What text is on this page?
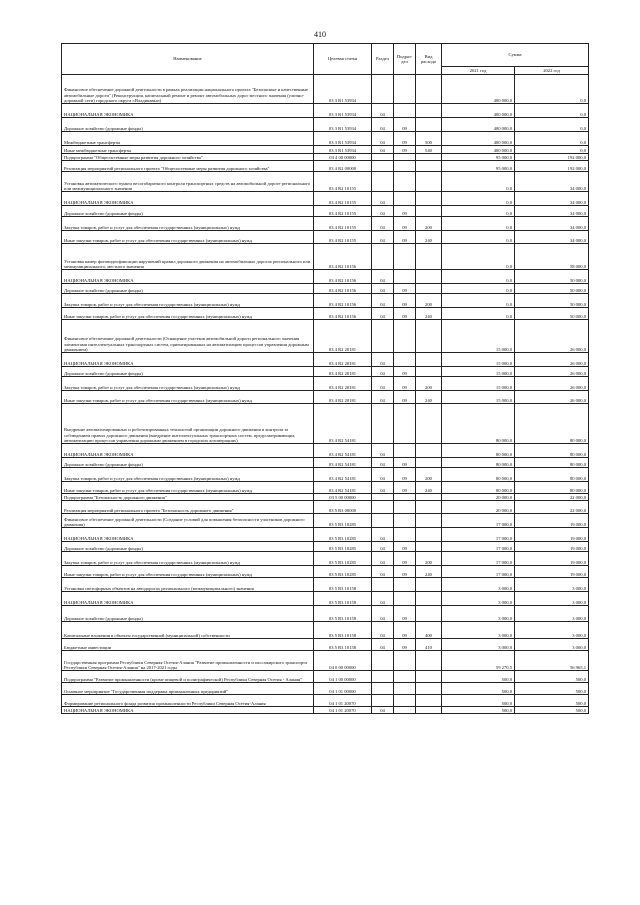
410
Наименование	Целевая статья	Раздел	Подраз-дел	Вид расхода	Сумма	
					2021 год	2022 год
Финансовое обеспечение дорожной деятельности в рамках реализации национального проекта "Безопасные и качественные автомобильные дороги" (Реконструкция, капитальный ремонт и ремонт автомобильных дорог местного значения (улично-дорожной сети) городского округа г.Владикавказ)	03 3 R1 53934				400 000,0	0,0
НАЦИОНАЛЬНАЯ ЭКОНОМИКА	03 3 R1 53934	04			400 000,0	0,0
Дорожное хозяйство (дорожные фонды)	03 3 R1 53934	04	09		400 000,0	0,0
Межбюджетные трансферты	03 3 R1 53934	04	09	500	400 000,0	0,0
Иные межбюджетные трансферты	03 3 R1 53934	04	09	540	400 000,0	0,0
Подпрограмма "Общесистемные меры развития дорожного хозяйства"	03 4 00 00000				95 000,0	192 000,0
Реализация мероприятий регионального проекта "Общесистемные меры развития дорожного хозяйства"	03 4 R2 00000				95 000,0	192 000,0
Установка автоматического пункта весогабаритного контроля транспортных средств на автомобильной дороге регионального или межмуниципального значения	03 4 R2 10155				0,0	34 000,0
НАЦИОНАЛЬНАЯ ЭКОНОМИКА	03 4 R2 10155	04			0,0	34 000,0
Дорожное хозяйство (дорожные фонды)	03 4 R2 10155	04	09		0,0	34 000,0
Закупка товаров, работ и услуг для обеспечения государственных (муниципальных) нужд	03 4 R2 10155	04	09	200	0,0	34 000,0
Иные закупки товаров, работ и услуг для обеспечения государственных (муниципальных) нужд	03 4 R2 10155	04	09	240	0,0	34 000,0
Установка камер фотовидеофиксации нарушений правил дорожного движения на автомобильных дорогах регионального или межмуниципального, местного значения	03 4 R2 10156				0,0	58 000,0
НАЦИОНАЛЬНАЯ ЭКОНОМИКА	03 4 R2 10156	04			0,0	50 000,0
Дорожное хозяйство (дорожные фонды)	03 4 R2 10156	04	09		0,0	50 000,0
Закупка товаров, работ и услуг для обеспечения государственных (муниципальных) нужд	03 4 R2 10156	04	09	200	0,0	50 000,0
Иные закупки товаров, работ и услуг для обеспечения государственных (муниципальных) нужд	03 4 R2 10156	04	09	240	0,0	50 000,0
Финансовое обеспечение дорожной деятельности (Оснащение участков автомобильной дороги регионального значения элементами интеллектуальных транспортных систем, ориентированных на автоматизацию процессов управления дорожным движением)	03 4 R2 20181				15 000,0	26 000,0
НАЦИОНАЛЬНАЯ ЭКОНОМИКА	03 4 R2 20181	04			15 000,0	26 000,0
Дорожное хозяйство (дорожные фонды)	03 4 R2 20181	04	09		15 000,0	26 000,0
Закупка товаров, работ и услуг для обеспечения государственных (муниципальных) нужд	03 4 R2 20181	04	09	200	15 000,0	26 000,0
Иные закупки товаров, работ и услуг для обеспечения государственных (муниципальных) нужд	03 4 R2 20181	04	09	240	15 000,0	26 000,0
Внедрение автоматизированных и роботизированных технологий организации дорожного движения и контроля за соблюдением правил дорожного движения (внедрение интеллектуальных транспортных систем, предусматривающих автоматизацию процессов управления дорожным движением в городских агломерациях)	03 4 R2 54181				80 000,0	80 000,0
НАЦИОНАЛЬНАЯ ЭКОНОМИКА	03 4 R2 54181	04			80 000,0	80 000,0
Дорожное хозяйство (дорожные фонды)	03 4 R2 54181	04	09		80 000,0	80 000,0
Закупка товаров, работ и услуг для обеспечения государственных (муниципальных) нужд	03 4 R2 54181	04	09	200	80 000,0	80 000,0
Иные закупки товаров, работ и услуг для обеспечения государственных (муниципальных) нужд	03 4 R2 54181	04	09	240	80 000,0	80 000,0
Подпрограмма "Безопасность дорожного движения"	03 5 00 00000				20 000,0	22 000,0
Реализация мероприятий регионального проекта "Безопасность дорожного движения"	03 5 R3 00000				20 000,0	22 000,0
Финансовое обеспечение дорожной деятельности (Создание условий для повышения безопасности участников дорожного движения)	03 5 R3 10285				17 000,0	19 000,0
НАЦИОНАЛЬНАЯ ЭКОНОМИКА	03 5 R3 10285	04			17 000,0	19 000,0
Дорожное хозяйство (дорожные фонды)	03 5 R3 10285	04	09		17 000,0	19 000,0
Закупка товаров, работ и услуг для обеспечения государственных (муниципальных) нужд	03 5 R3 10285	04	09	200	17 000,0	19 000,0
Иные закупки товаров, работ и услуг для обеспечения государственных (муниципальных) нужд	03 5 R3 10285	04	09	240	17 000,0	19 000,0
Установка светофорных объектов на автодорогах регионального (межмуниципального) значения	03 5 R3 10158				3 000,0	3 000,0
НАЦИОНАЛЬНАЯ ЭКОНОМИКА	03 5 R3 10158	04			3 000,0	3 000,0
Дорожное хозяйство (дорожные фонды)	03 5 R3 10158	04	09		3 000,0	3 000,0
Капитальные вложения в объекты государственной (муниципальной) собственности	03 5 R3 10158	04	09	400	3 000,0	3 000,0
Бюджетные инвестиции	03 5 R3 10158	04	09	410	3 000,0	3 000,0
Государственная программа Республики Северная Осетия-Алания "Развитие промышленности и пассажирского транспорта Республики Северная Осетия-Алания" на 2017-2021 годы	04 0 00 00000				59 270,5	56 965,1
Подпрограмма "Развитие промышленности (кроме пищевой и полиграфической) Республики Северная Осетия - Алания"	04 1 00 00000				500,0	500,0
Основное мероприятие "Государственная поддержка промышленных предприятий"	04 1 01 00000				500,0	500,0
Формирование регионального фонда развития промышленности Республики Северная Осетия-Алания	04 1 01 20070				500,0	500,0
НАЦИОНАЛЬНАЯ ЭКОНОМИКА	04 1 01 20070	04			500,0	500,0
